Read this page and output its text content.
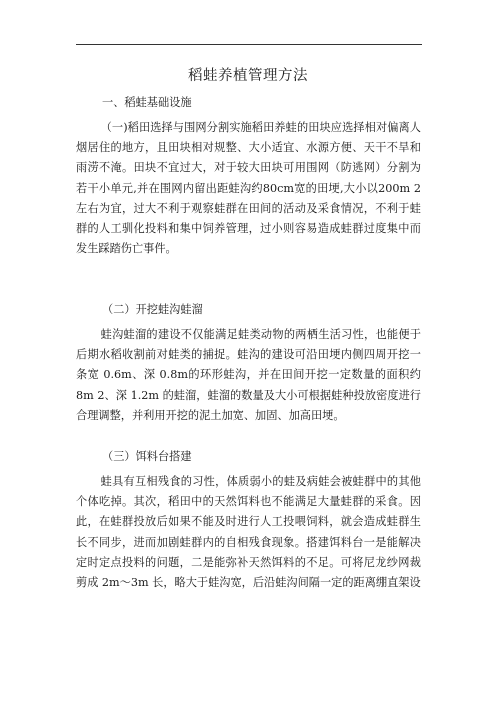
稻蛙养植管理方法
一、稻蛙基础设施
（一)稻田选择与围网分割实施稻田养蛙的田块应选择相对偏离人烟居住的地方，且田块相对规整、大小适宜、水源方便、天干不旱和雨涝不淹。田块不宜过大，对于较大田块可用围网（防逃网）分割为若干小单元,并在围网内留出距蛙沟约80cm宽的田埂,大小以200m 2左右为宜，过大不利于观察蛙群在田间的活动及采食情况，不利于蛙群的人工驯化投料和集中饲养管理，过小则容易造成蛙群过度集中而发生踩踏伤亡事件。
（二）开挖蛙沟蛙溜
蛙沟蛙溜的建设不仅能满足蛙类动物的两栖生活习性，也能便于后期水稻收割前对蛙类的捕捉。蛙沟的建设可沿田埂内侧四周开挖一条宽 0.6m、深 0.8m的环形蛙沟，并在田间开挖一定数量的面积约 8m 2、深 1.2m 的蛙溜，蛙溜的数量及大小可根据蛙种投放密度进行合理调整，并利用开挖的泥土加宽、加固、加高田埂。
（三）饵料台搭建
蛙具有互相残食的习性，体质弱小的蛙及病蛙会被蛙群中的其他个体吃掉。其次，稻田中的天然饵料也不能满足大量蛙群的采食。因此，在蛙群投放后如果不能及时进行人工投喂饲料，就会造成蛙群生长不同步，进而加剧蛙群内的自相残食现象。搭建饵料台一是能解决定时定点投料的问题，二是能弥补天然饵料的不足。可将尼龙纱网裁剪成 2m～3m 长，略大于蛙沟宽，后沿蛙沟间隔一定的距离绷直架设
